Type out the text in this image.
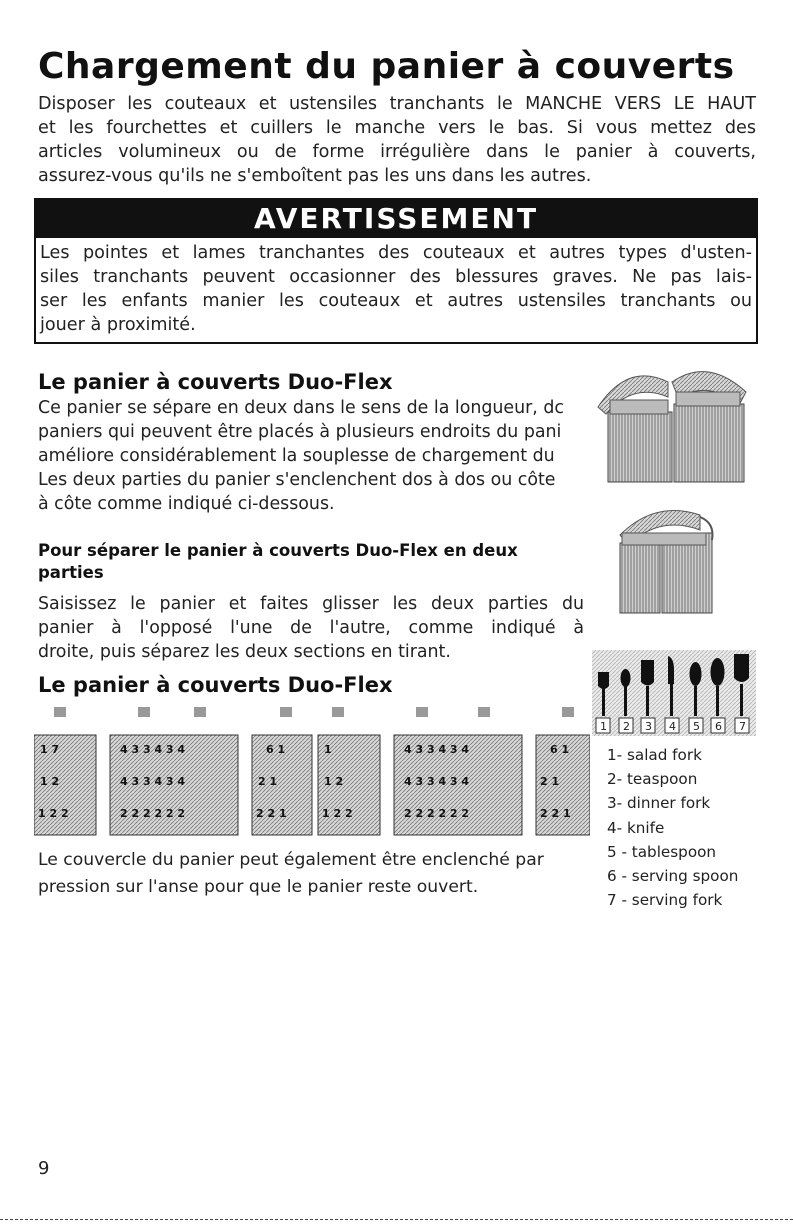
Chargement du panier à couverts
Disposer les couteaux et ustensiles tranchants le MANCHE VERS LE HAUT
et les fourchettes et cuillers le manche vers le bas. Si vous mettez des
articles volumineux ou de forme irrégulière dans le panier à couverts,
assurez-vous qu'ils ne s'emboîtent pas les uns dans les autres.
AVERTISSEMENT
Les pointes et lames tranchantes des couteaux et autres types d'usten-
siles tranchants peuvent occasionner des blessures graves. Ne pas lais-
ser les enfants manier les couteaux et autres ustensiles tranchants ou
jouer à proximité.
Le panier à couverts Duo-Flex
Ce panier se sépare en deux dans le sens de la longueur, dc
paniers qui peuvent être placés à plusieurs endroits du pani
améliore considérablement la souplesse de chargement du
Les deux parties du panier s'enclenchent dos à dos ou côte
à côte comme indiqué ci-dessous.
Pour séparer le panier à couverts Duo-Flex en deux
parties
Saisissez le panier et faites glisser les deux parties du
panier à l'opposé l'une de l'autre, comme indiqué à
droite, puis séparez les deux sections en tirant.
Le panier à couverts Duo-Flex
1 2 3 4 5 6 7
1 7	4 3 3 4 3 4	6 1	1	4 3 3 4 3 4	6 1
1 2	4 3 3 4 3 4	2 1	1 2	4 3 3 4 3 4	2 1
1 2 2	2 2 2 2 2 2	2 2 1	1 2 2	2 2 2 2 2 2	2 2 1
1- salad fork
2- teaspoon
3- dinner fork
4- knife
5 - tablespoon
6 - serving spoon
7 - serving fork
Le couvercle du panier peut également être enclenché par
pression sur l'anse pour que le panier reste ouvert.
9
